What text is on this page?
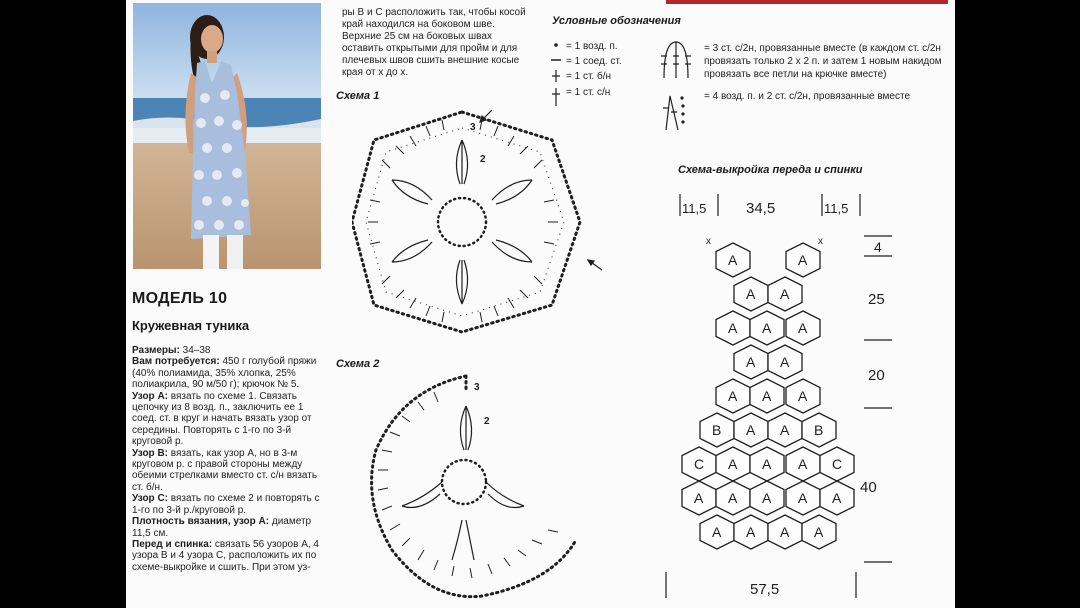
МОДЕЛЬ 10
Кружевная туника

Размеры: 34–38

Вам потребуется: 450 г голубой пряжи (40% полиамида, 35% хлопка, 25% полиакрила, 90 м/50 г); крючок № 5.

Узор А: вязать по схеме 1. Связать цепочку из 8 возд. п., заключить ее 1 соед. ст. в круг и начать вязать узор от середины. Повторять с 1-го по 3-й круговой р.

Узор В: вязать, как узор А, но в 3-м круговом р. с правой стороны между обеими стрелками вместо ст. с/н вязать ст. б/н.

Узор С: вязать по схеме 2 и повторять с 1-го по 3-й р./круговой р.

Плотность вязания, узор А: диаметр 11,5 см.

Перед и спинка: связать 56 узоров А, 4 узора В и 4 узора С, расположить их по схеме-выкройке и сшить. При этом уз-

ры В и С расположить так, чтобы косой край находился на боковом шве. Верхние 25 см на боковых швах оставить открытыми для пройм и для плечевых швов сшить внешние косые края от х до х.

Схема 1
Схема 2
3
2
3
2
Условные обозначения
= 1 возд. п.
= 1 соед. ст.
= 1 ст. б/н
= 1 ст. с/н

= 3 ст. с/2н, провязанные вместе (в каждом ст. с/2н провязать только 2 х 2 п. и затем 1 новым накидом провязать все петли на крючке вместе)

= 4 возд. п. и 2 ст. с/2н, провязанные вместе

Схема-выкройка переда и спинки
11,5	34,5	11,5
4
25
20
40
57,5
A	A
x	x
A A
A A A
A A
A A A
B A A B
C A A A C
A A A A A
A A A A
